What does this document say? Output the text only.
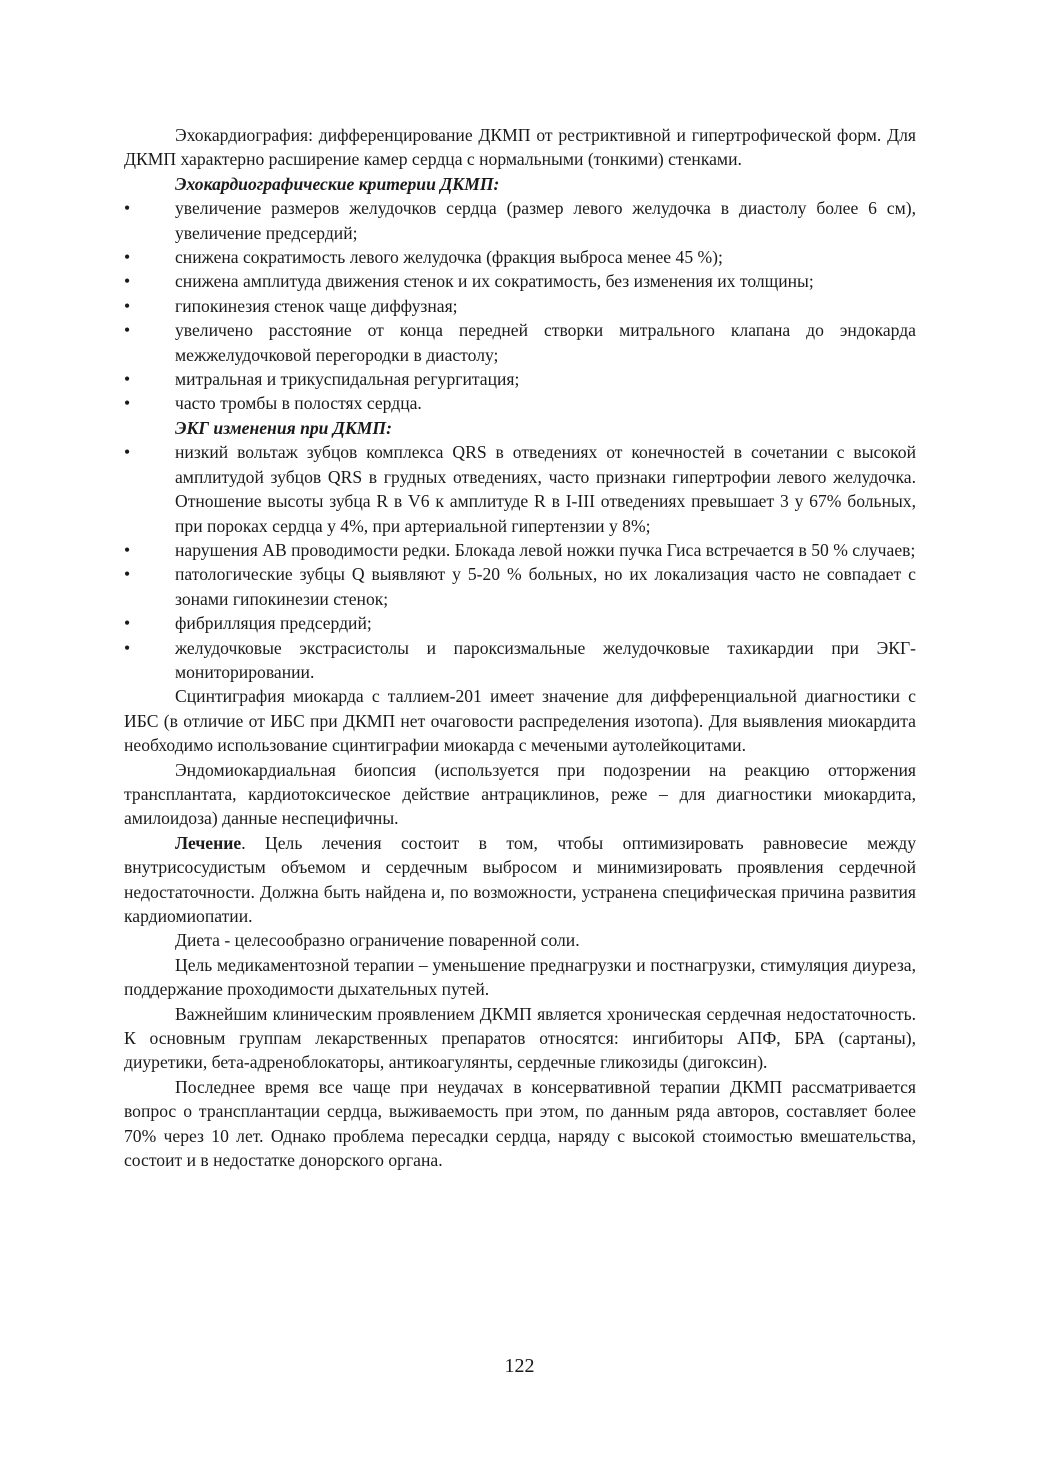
Эхокардиография: дифференцирование ДКМП от рестриктивной и гипертрофической форм. Для ДКМП характерно расширение камер сердца с нормальными (тонкими) стенками.

Эхокардиографические критерии ДКМП:
•	увеличение размеров желудочков сердца (размер левого желудочка в диастолу более 6 см), увеличение предсердий;
•	снижена сократимость левого желудочка (фракция выброса менее 45 %);
•	снижена амплитуда движения стенок и их сократимость, без изменения их толщины;
•	гипокинезия стенок чаще диффузная;
•	увеличено расстояние от конца передней створки митрального клапана до эндокарда межжелудочковой перегородки в диастолу;
•	митральная и трикуспидальная регургитация;
•	часто тромбы в полостях сердца.
ЭКГ изменения при ДКМП:
•	низкий вольтаж зубцов комплекса QRS в отведениях от конечностей в сочетании с высокой амплитудой зубцов QRS в грудных отведениях, часто признаки гипертрофии левого желудочка. Отношение высоты зубца R в V6 к амплитуде R в I-III отведениях превышает 3 у 67% больных, при пороках сердца у 4%, при артериальной гипертензии у 8%;
•	нарушения АВ проводимости редки. Блокада левой ножки пучка Гиса встречается в 50 % случаев;
•	патологические зубцы Q выявляют у 5-20 % больных, но их локализация часто не совпадает с зонами гипокинезии стенок;
•	фибрилляция предсердий;
•	желудочковые экстрасистолы и пароксизмальные желудочковые тахикардии при ЭКГ-мониторировании.

Сцинтиграфия миокарда с таллием-201 имеет значение для дифференциальной диагностики с ИБС (в отличие от ИБС при ДКМП нет очаговости распределения изотопа). Для выявления миокардита необходимо использование сцинтиграфии миокарда с мечеными аутолейкоцитами.

Эндомиокардиальная биопсия (используется при подозрении на реакцию отторжения трансплантата, кардиотоксическое действие антрациклинов, реже – для диагностики миокардита, амилоидоза) данные неспецифичны.

Лечение. Цель лечения состоит в том, чтобы оптимизировать равновесие между внутрисосудистым объемом и сердечным выбросом и минимизировать проявления сердечной недостаточности. Должна быть найдена и, по возможности, устранена специфическая причина развития кардиомиопатии.

Диета - целесообразно ограничение поваренной соли.

Цель медикаментозной терапии – уменьшение преднагрузки и постнагрузки, стимуляция диуреза, поддержание проходимости дыхательных путей.

Важнейшим клиническим проявлением ДКМП является хроническая сердечная недостаточность. К основным группам лекарственных препаратов относятся: ингибиторы АПФ, БРА (сартаны), диуретики, бета-адреноблокаторы, антикоагулянты, сердечные гликозиды (дигоксин).

Последнее время все чаще при неудачах в консервативной терапии ДКМП рассматривается вопрос о трансплантации сердца, выживаемость при этом, по данным ряда авторов, составляет более 70% через 10 лет. Однако проблема пересадки сердца, наряду с высокой стоимостью вмешательства, состоит и в недостатке донорского органа.

122
